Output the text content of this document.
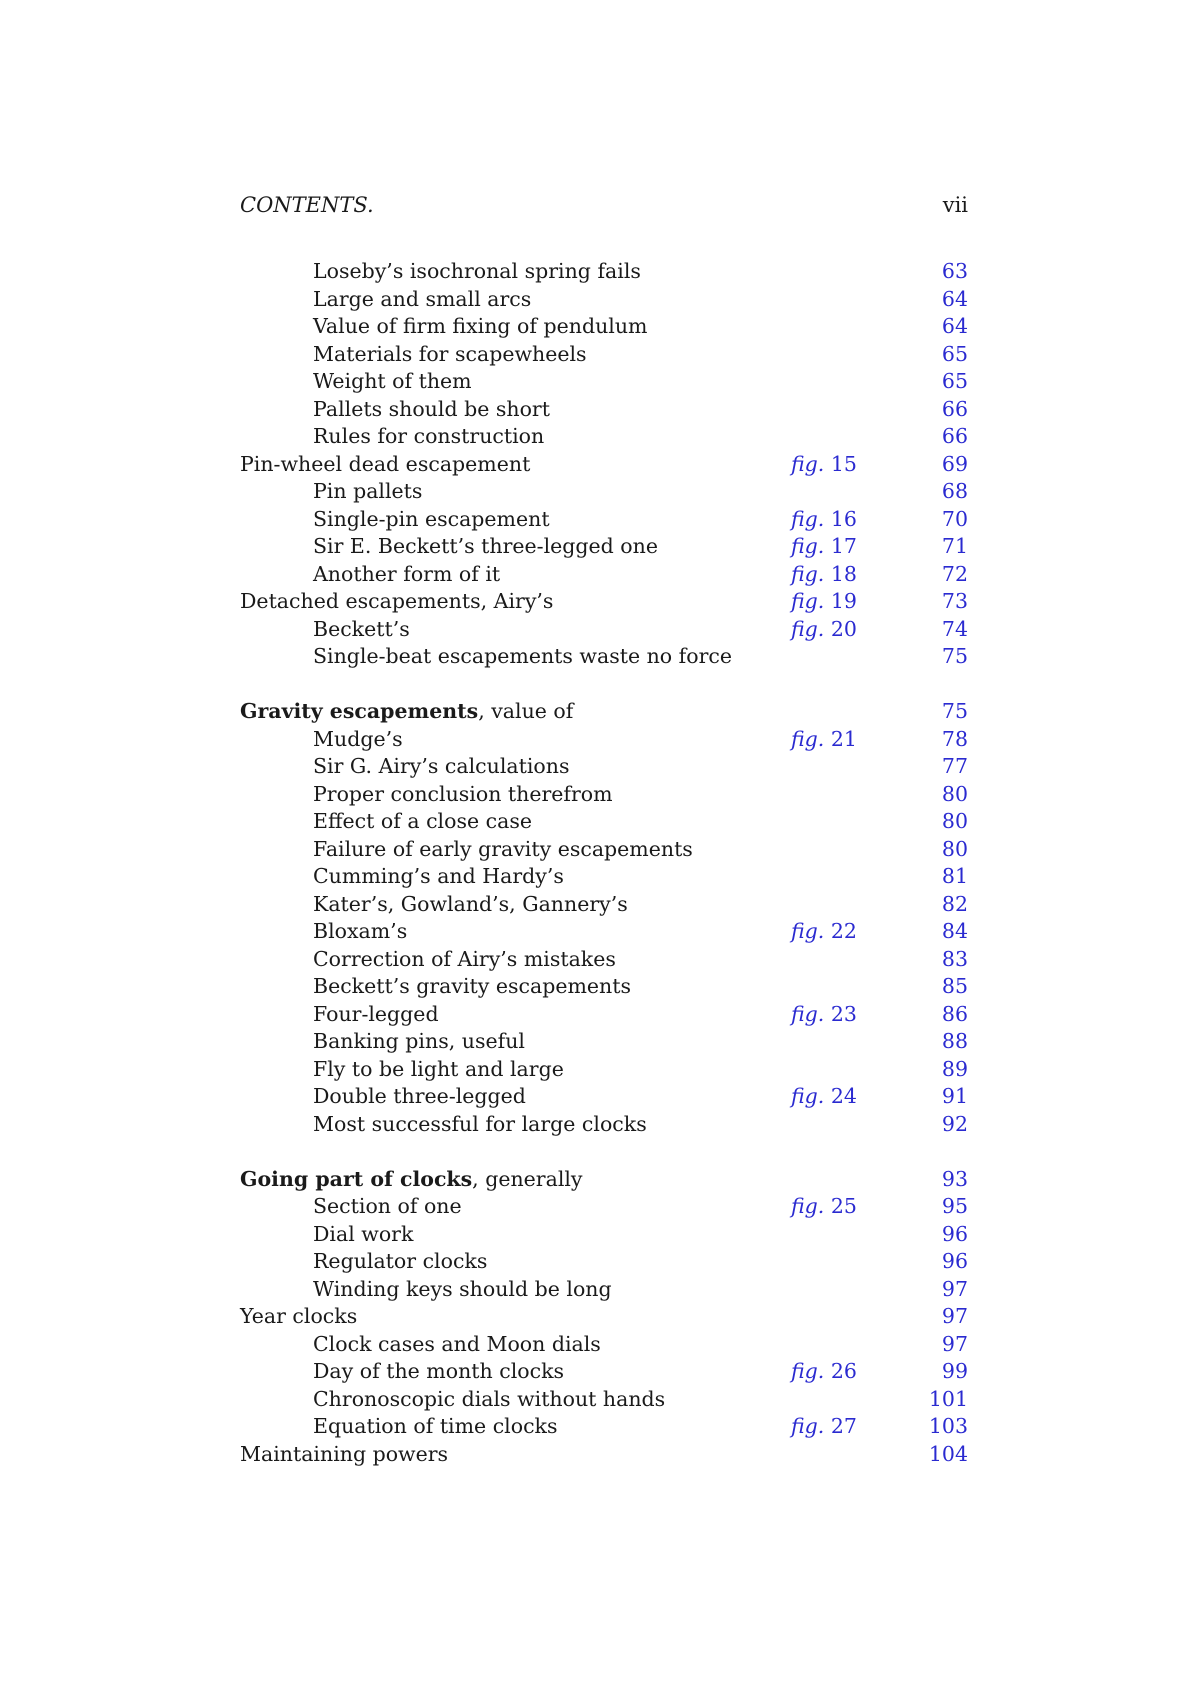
CONTENTS.	vii
Loseby’s isochronal spring fails	63
Large and small arcs	64
Value of firm fixing of pendulum	64
Materials for scapewheels	65
Weight of them	65
Pallets should be short	66
Rules for construction	66
Pin-wheel dead escapement	fig. 15	69
Pin pallets	68
Single-pin escapement	fig. 16	70
Sir E. Beckett’s three-legged one	fig. 17	71
Another form of it	fig. 18	72
Detached escapements, Airy’s	fig. 19	73
Beckett’s	fig. 20	74
Single-beat escapements waste no force	75
Gravity escapements, value of	75
Mudge’s	fig. 21	78
Sir G. Airy’s calculations	77
Proper conclusion therefrom	80
Effect of a close case	80
Failure of early gravity escapements	80
Cumming’s and Hardy’s	81
Kater’s, Gowland’s, Gannery’s	82
Bloxam’s	fig. 22	84
Correction of Airy’s mistakes	83
Beckett’s gravity escapements	85
Four-legged	fig. 23	86
Banking pins, useful	88
Fly to be light and large	89
Double three-legged	fig. 24	91
Most successful for large clocks	92
Going part of clocks, generally	93
Section of one	fig. 25	95
Dial work	96
Regulator clocks	96
Winding keys should be long	97
Year clocks	97
Clock cases and Moon dials	97
Day of the month clocks	fig. 26	99
Chronoscopic dials without hands	101
Equation of time clocks	fig. 27	103
Maintaining powers	104
